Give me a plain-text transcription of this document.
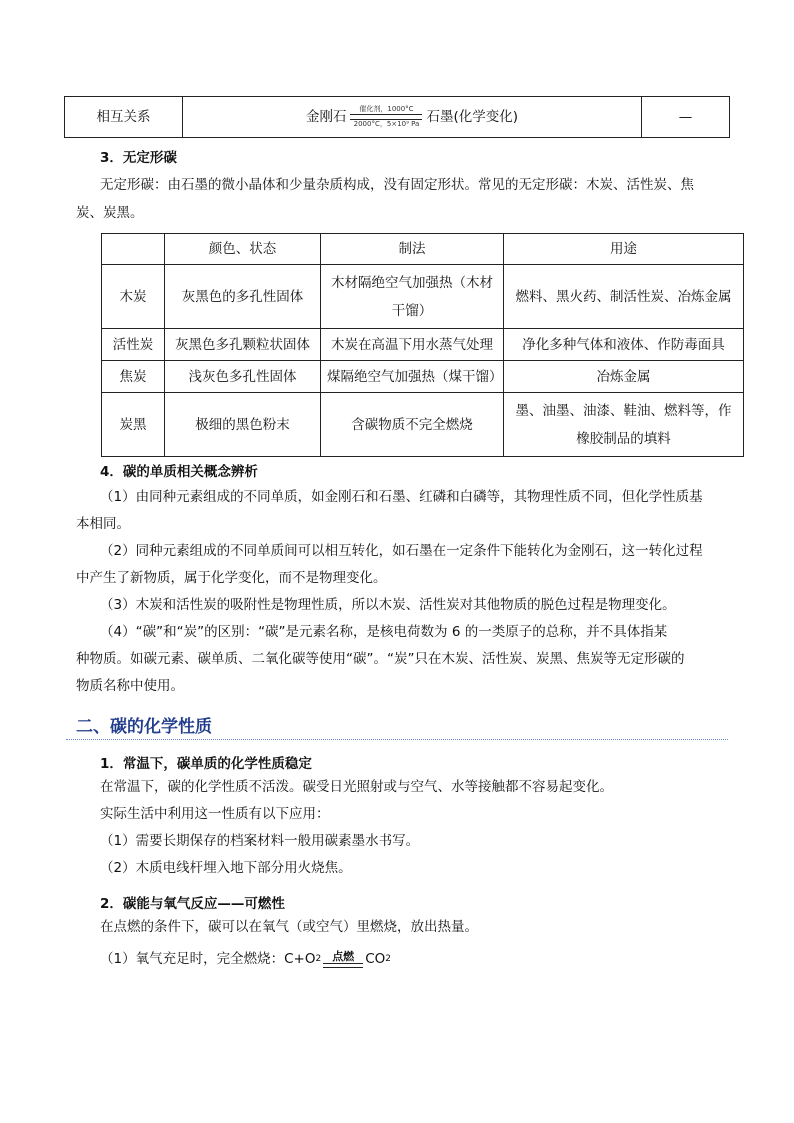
相互关系	金刚石 催化剂，1000°C
2000°C，5×10⁹ Pa 石墨(化学变化)	—
3．无定形碳
无定形碳：由石墨的微小晶体和少量杂质构成，没有固定形状。常见的无定形碳：木炭、活性炭、焦
炭、炭黑。
	颜色、状态	制法	用途
木炭	灰黑色的多孔性固体	木材隔绝空气加强热（木材干馏）	燃料、黑火药、制活性炭、冶炼金属
活性炭	灰黑色多孔颗粒状固体	木炭在高温下用水蒸气处理	净化多种气体和液体、作防毒面具
焦炭	浅灰色多孔性固体	煤隔绝空气加强热（煤干馏）	冶炼金属
炭黑	极细的黑色粉末	含碳物质不完全燃烧	墨、油墨、油漆、鞋油、燃料等，作橡胶制品的填料
4．碳的单质相关概念辨析
（1）由同种元素组成的不同单质，如金刚石和石墨、红磷和白磷等，其物理性质不同，但化学性质基
本相同。
（2）同种元素组成的不同单质间可以相互转化，如石墨在一定条件下能转化为金刚石，这一转化过程
中产生了新物质，属于化学变化，而不是物理变化。
（3）木炭和活性炭的吸附性是物理性质，所以木炭、活性炭对其他物质的脱色过程是物理变化。
（4）“碳”和“炭”的区别：“碳”是元素名称，是核电荷数为 6 的一类原子的总称，并不具体指某
种物质。如碳元素、碳单质、二氧化碳等使用“碳”。“炭”只在木炭、活性炭、炭黑、焦炭等无定形碳的
物质名称中使用。
二、碳的化学性质
1．常温下，碳单质的化学性质稳定
在常温下，碳的化学性质不活泼。碳受日光照射或与空气、水等接触都不容易起变化。
实际生活中利用这一性质有以下应用：
（1）需要长期保存的档案材料一般用碳素墨水书写。
（2）木质电线杆埋入地下部分用火烧焦。
2．碳能与氧气反应——可燃性
在点燃的条件下，碳可以在氧气（或空气）里燃烧，放出热量。
（1）氧气充足时，完全燃烧：C+O 2 点燃 CO 2
